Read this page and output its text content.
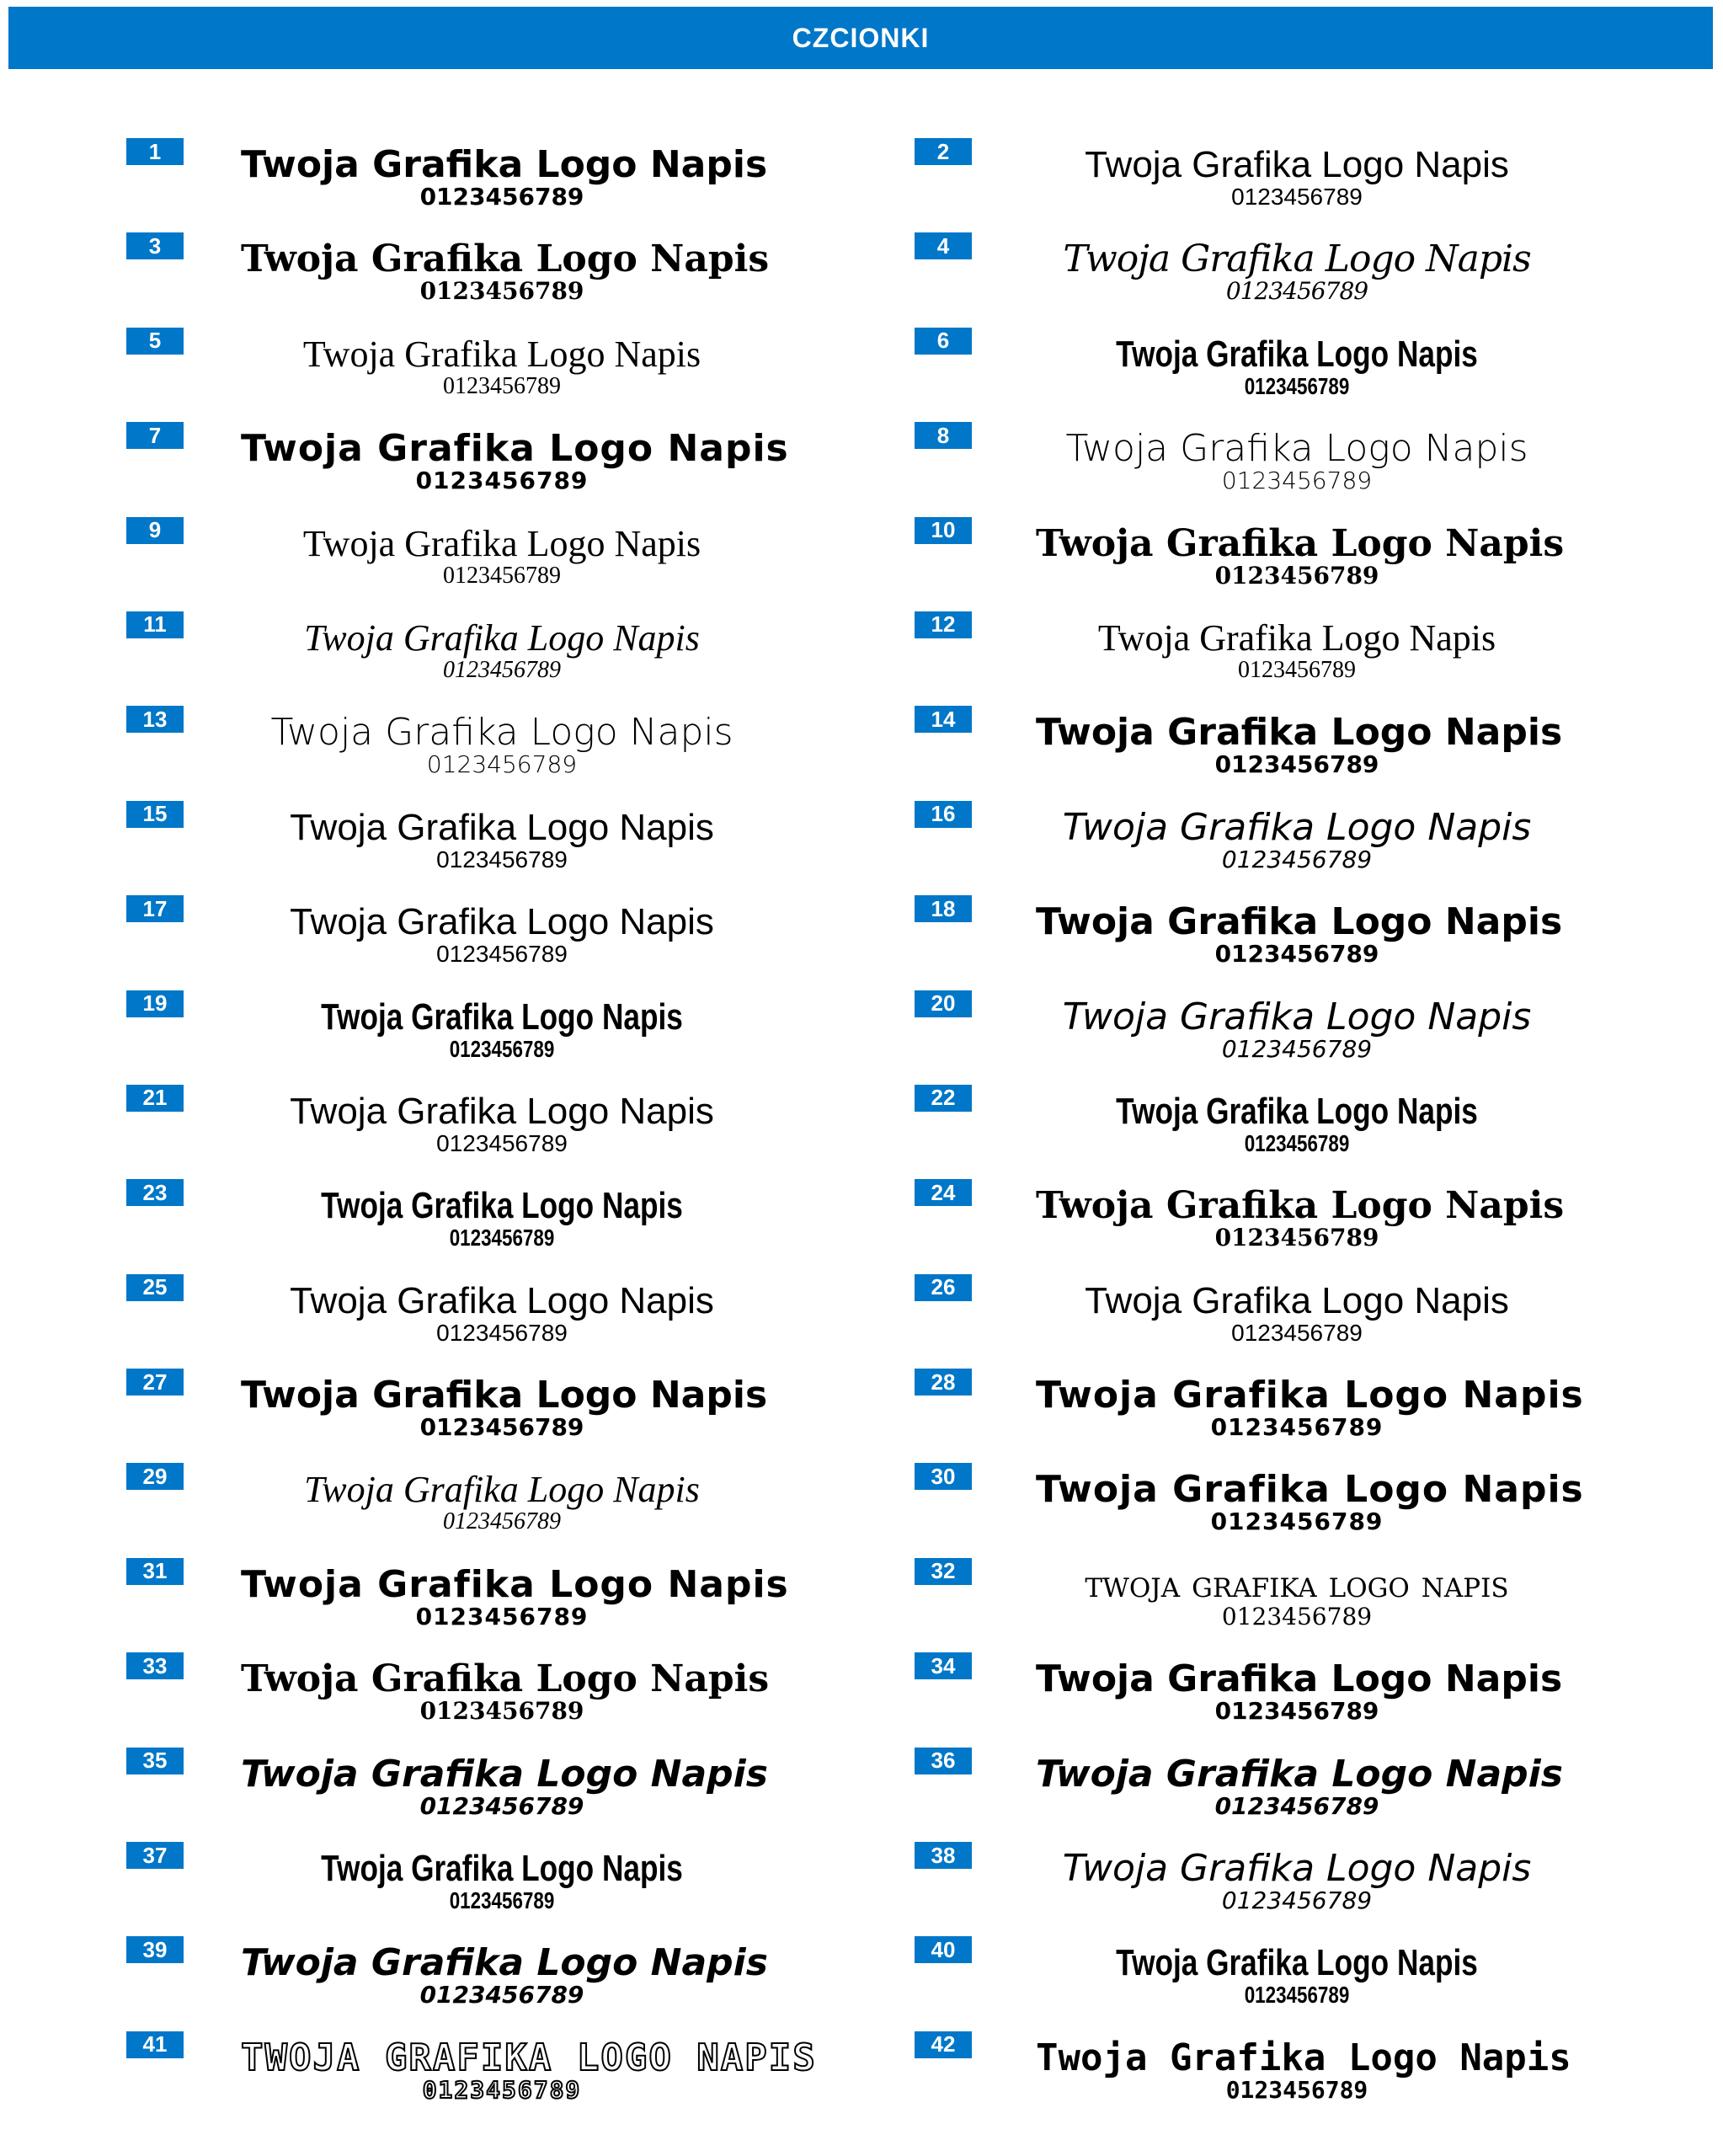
CZCIONKI
1	Twoja Grafika Logo Napis
0123456789
2	Twoja Grafika Logo Napis
0123456789
3	Twoja Grafika Logo Napis
0123456789
4	Twoja Grafika Logo Napis
0123456789
5	Twoja Grafika Logo Napis
0123456789
6	Twoja Grafika Logo Napis
0123456789
7	Twoja Grafika Logo Napis
0123456789
8	Twoja Grafika Logo Napis
0123456789
9	Twoja Grafika Logo Napis
0123456789
10	Twoja Grafika Logo Napis
0123456789
11	Twoja Grafika Logo Napis
0123456789
12	Twoja Grafika Logo Napis
0123456789
13	Twoja Grafika Logo Napis
0123456789
14	Twoja Grafika Logo Napis
0123456789
15	Twoja Grafika Logo Napis
0123456789
16	Twoja Grafika Logo Napis
0123456789
17	Twoja Grafika Logo Napis
0123456789
18	Twoja Grafika Logo Napis
0123456789
19	Twoja Grafika Logo Napis
0123456789
20	Twoja Grafika Logo Napis
0123456789
21	Twoja Grafika Logo Napis
0123456789
22	Twoja Grafika Logo Napis
0123456789
23	Twoja Grafika Logo Napis
0123456789
24	Twoja Grafika Logo Napis
0123456789
25	Twoja Grafika Logo Napis
0123456789
26	Twoja Grafika Logo Napis
0123456789
27	Twoja Grafika Logo Napis
0123456789
28	Twoja Grafika Logo Napis
0123456789
29	Twoja Grafika Logo Napis
0123456789
30	Twoja Grafika Logo Napis
0123456789
31	Twoja Grafika Logo Napis
0123456789
32	twoja grafika logo napis
0123456789
33	Twoja Grafika Logo Napis
0123456789
34	Twoja Grafika Logo Napis
0123456789
35	Twoja Grafika Logo Napis
0123456789
36	Twoja Grafika Logo Napis
0123456789
37	Twoja Grafika Logo Napis
0123456789
38	Twoja Grafika Logo Napis
0123456789
39	Twoja Grafika Logo Napis
0123456789
40	Twoja Grafika Logo Napis
0123456789
41	TWOJA GRAFIKA LOGO NAPIS
0123456789
42	Twoja Grafika Logo Napis
0123456789
